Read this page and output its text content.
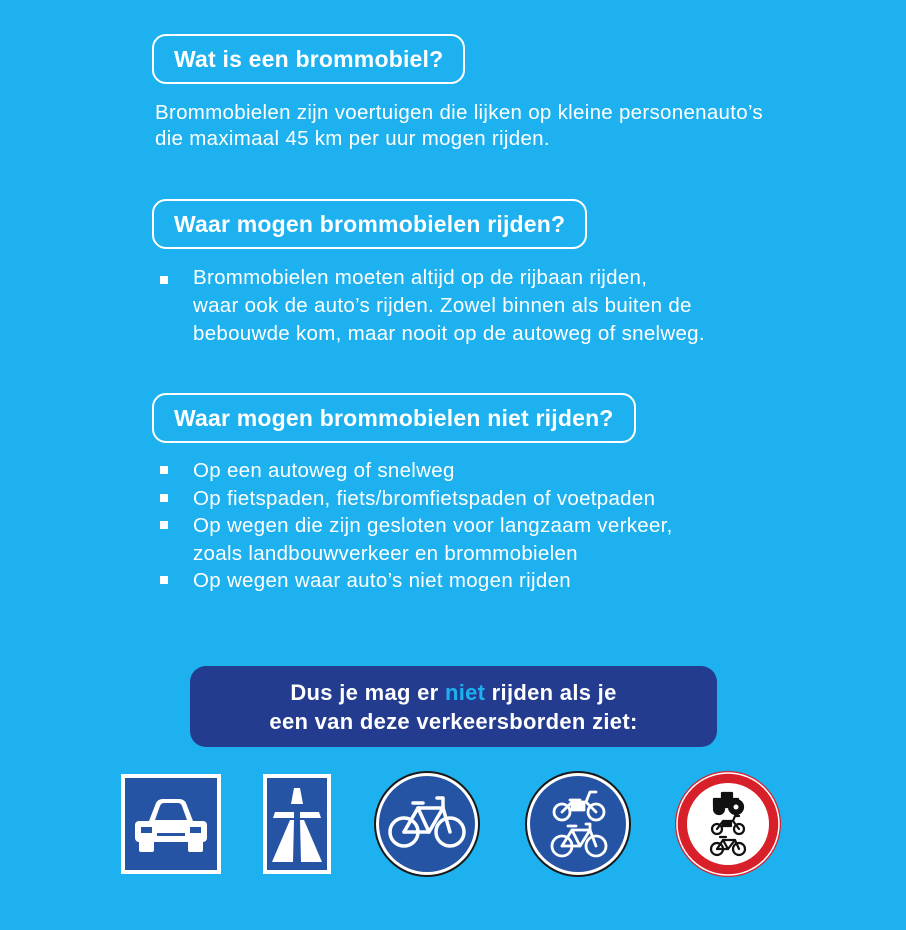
Wat is een brommobiel?
Brommobielen zijn voertuigen die lijken op kleine personenauto’s die maximaal 45 km per uur mogen rijden.
Waar mogen brommobielen rijden?
Brommobielen moeten altijd op de rijbaan rijden,
waar ook de auto’s rijden. Zowel binnen als buiten de
bebouwde kom, maar nooit op de autoweg of snelweg.
Waar mogen brommobielen niet rijden?
Op een autoweg of snelweg
Op fietspaden, fiets/bromfietspaden of voetpaden
Op wegen die zijn gesloten voor langzaam verkeer,
zoals landbouwverkeer en brommobielen
Op wegen waar auto’s niet mogen rijden
Dus je mag er niet rijden als je
een van deze verkeersborden ziet:
